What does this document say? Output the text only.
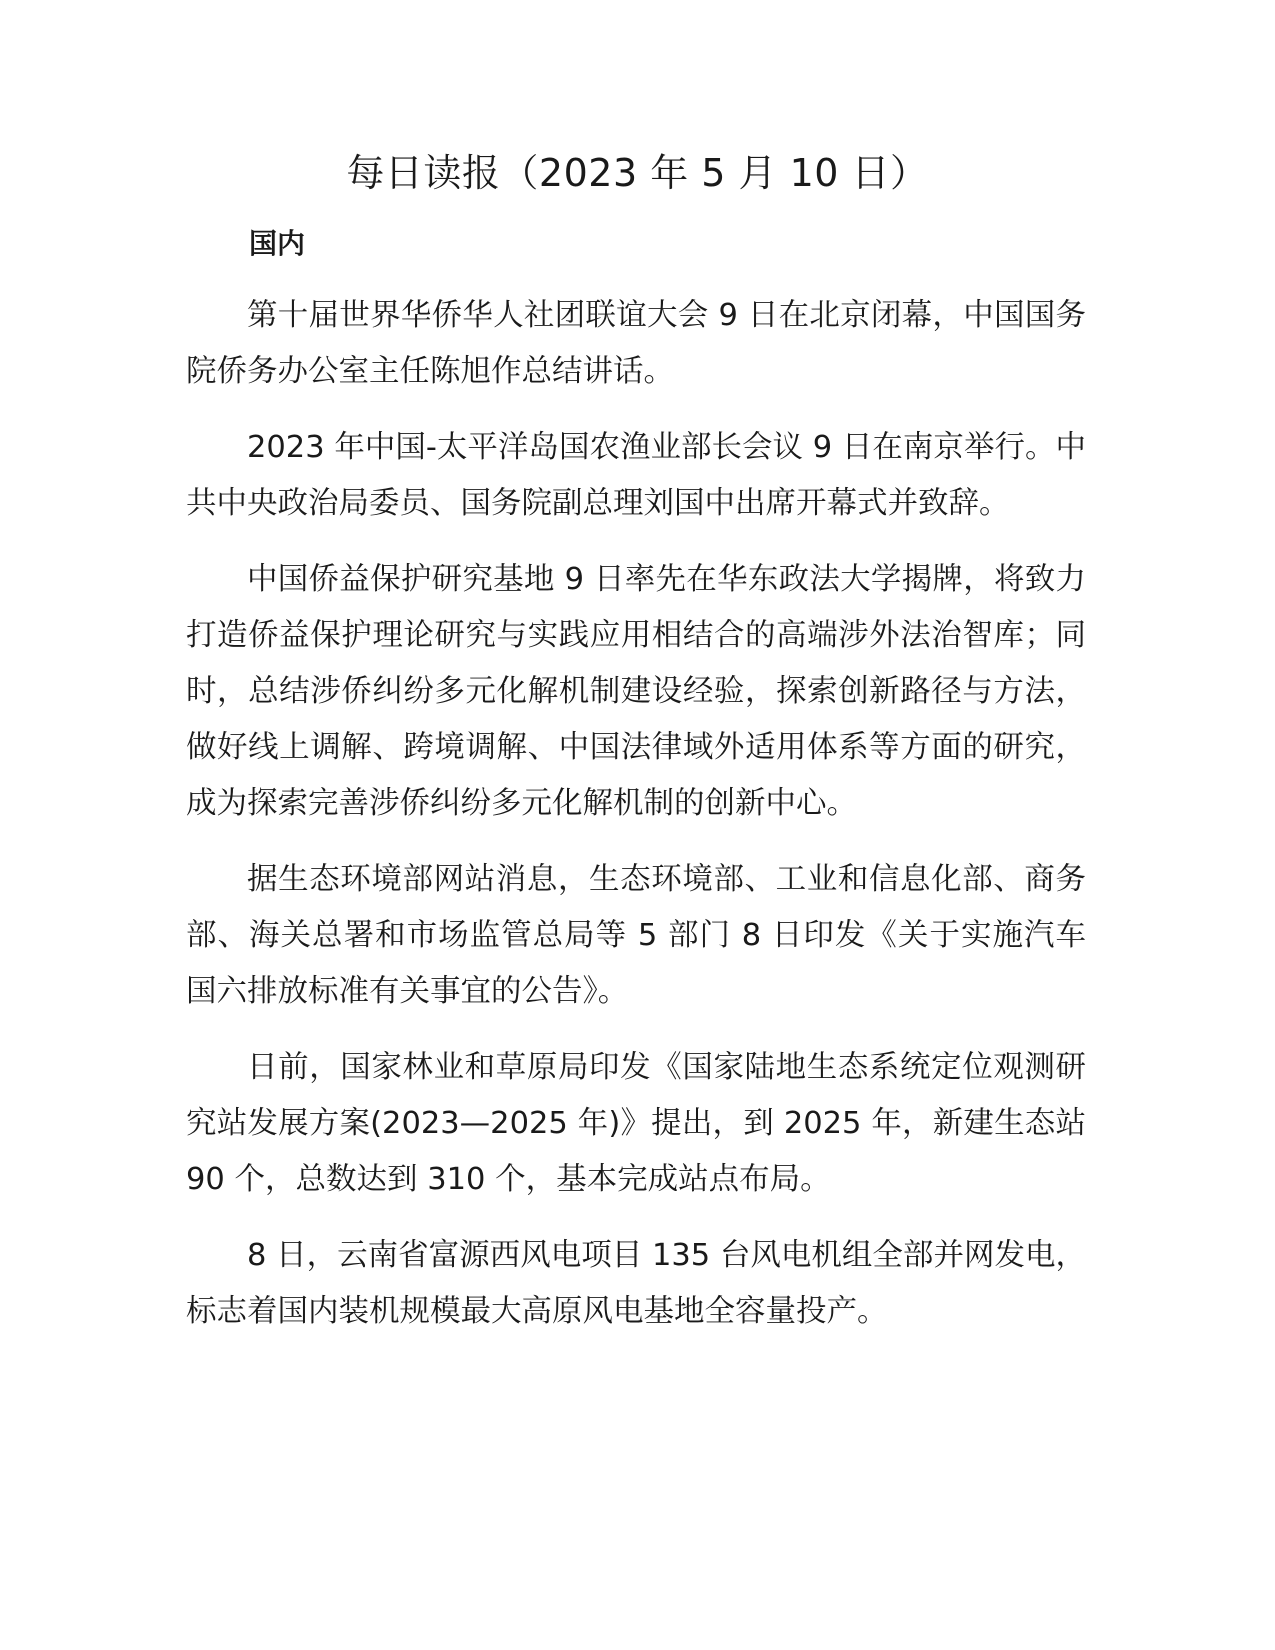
每日读报（2023 年 5 月 10 日）
国内

第十届世界华侨华人社团联谊大会 9 日在北京闭幕，中国国务院侨务办公室主任陈旭作总结讲话。

2023 年中国-太平洋岛国农渔业部长会议 9 日在南京举行。中共中央政治局委员、国务院副总理刘国中出席开幕式并致辞。

中国侨益保护研究基地 9 日率先在华东政法大学揭牌，将致力打造侨益保护理论研究与实践应用相结合的高端涉外法治智库；同时，总结涉侨纠纷多元化解机制建设经验，探索创新路径与方法，做好线上调解、跨境调解、中国法律域外适用体系等方面的研究，成为探索完善涉侨纠纷多元化解机制的创新中心。

据生态环境部网站消息，生态环境部、工业和信息化部、商务部、海关总署和市场监管总局等 5 部门 8 日印发《关于实施汽车国六排放标准有关事宜的公告》。

日前，国家林业和草原局印发《国家陆地生态系统定位观测研究站发展方案(2023—2025 年)》提出，到 2025 年，新建生态站 90 个，总数达到 310 个，基本完成站点布局。

8 日，云南省富源西风电项目 135 台风电机组全部并网发电，标志着国内装机规模最大高原风电基地全容量投产。
